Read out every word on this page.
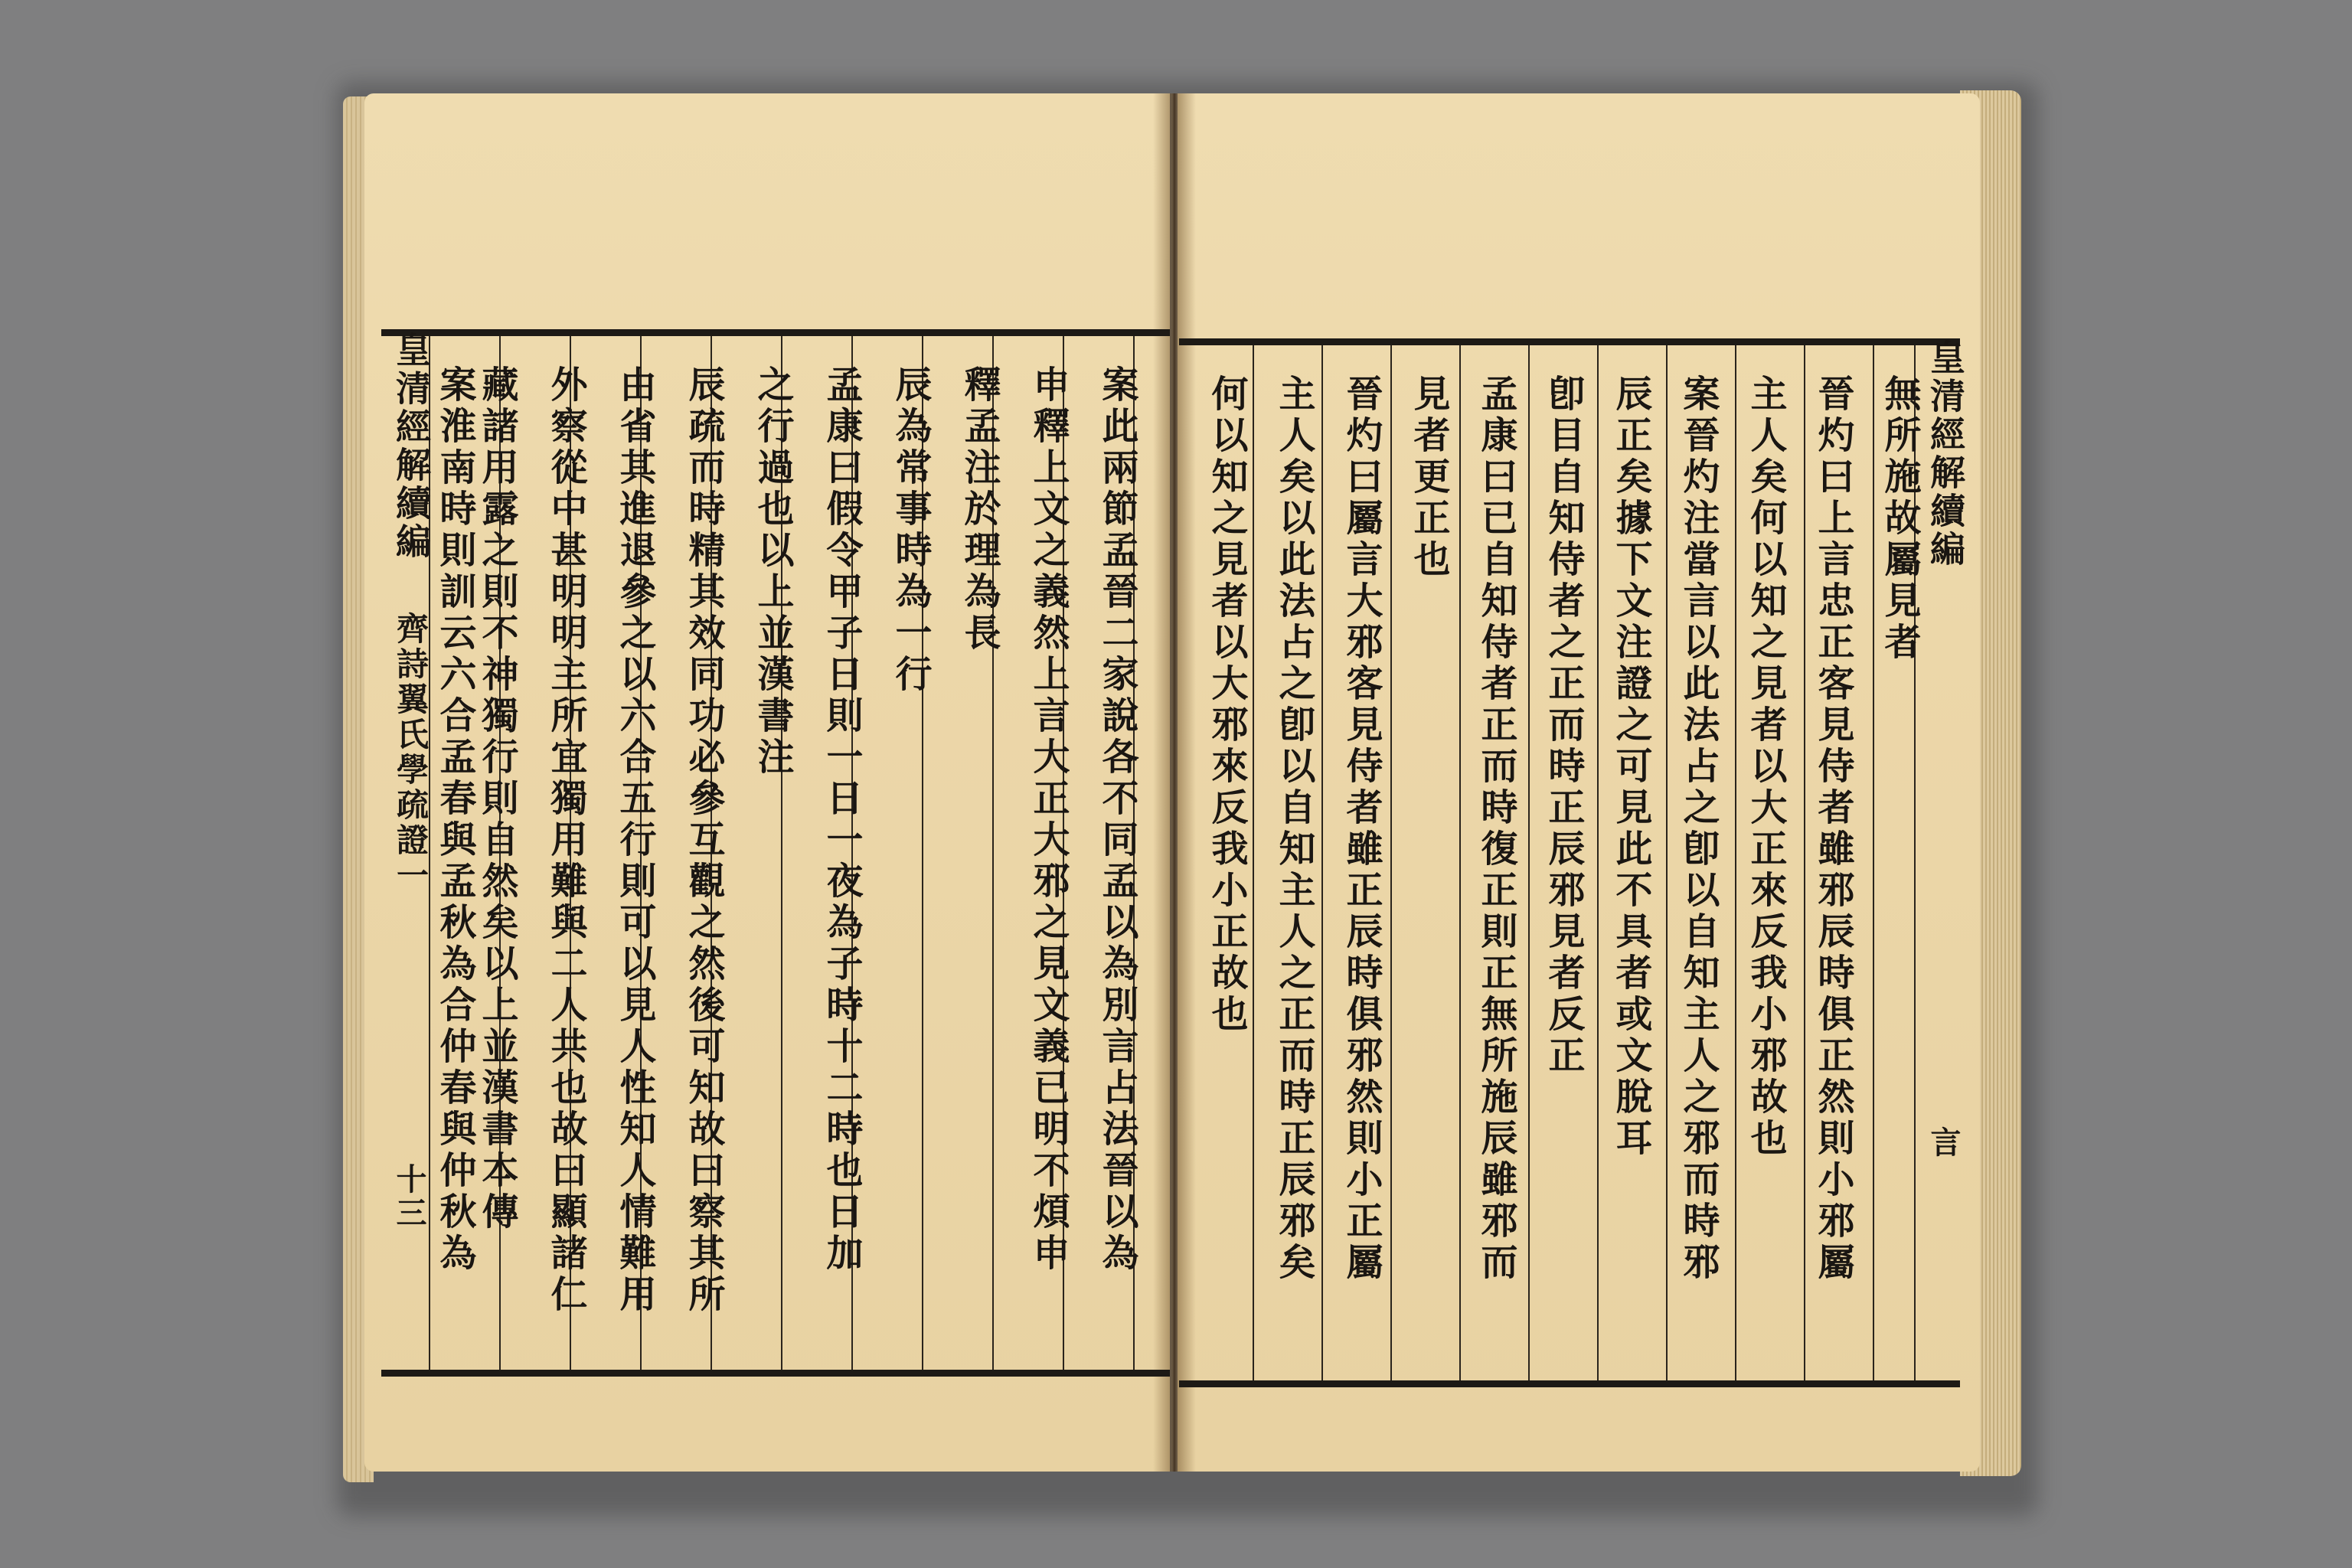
皇清經解續編
齊詩翼氏學疏證一
十三	案此兩節孟晉二家說各不同孟以為別言占法晉以為
申釋上文之義然上言大正大邪之見文義已明不煩申
釋孟注於理為長
辰為常事時為一行
孟康曰假令甲子日則一日一夜為子時十二時也日加
之行過也以上並漢書注
辰疏而時精其效同功必參互觀之然後可知故曰察其所
由省其進退參之以六合五行則可以見人性知人情難用
外察從中甚明明主所宜獨用難與二人共也故曰顯諸仁
藏諸用露之則不神獨行則自然矣以上並漢書本傳
案淮南時則訓云六合孟春與孟秋為合仲春與仲秋為	皇清經解續編
言
無所施故屬見者
晉灼曰上言忠正客見侍者雖邪辰時俱正然則小邪屬
主人矣何以知之見者以大正來反我小邪故也
案晉灼注當言以此法占之卽以自知主人之邪而時邪
辰正矣據下文注證之可見此不具者或文脫耳
卽目自知侍者之正而時正辰邪見者反正
孟康曰已自知侍者正而時復正則正無所施辰雖邪而
見者更正也
晉灼曰屬言大邪客見侍者雖正辰時俱邪然則小正屬
主人矣以此法占之卽以自知主人之正而時正辰邪矣
何以知之見者以大邪來反我小正故也
